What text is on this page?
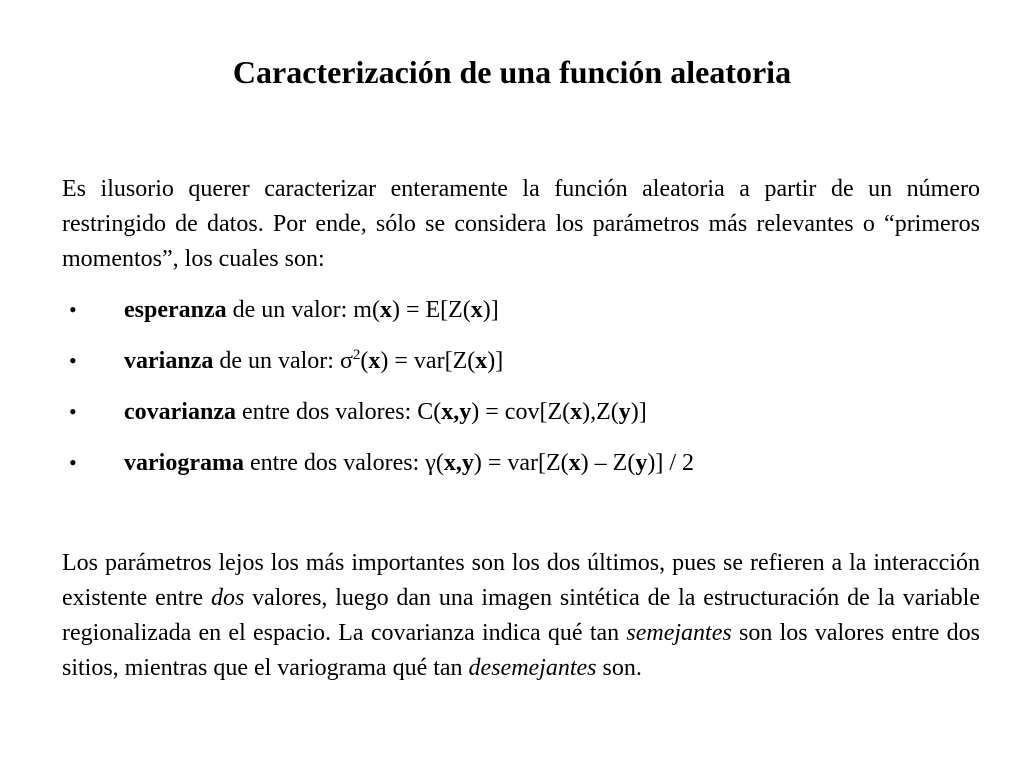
Caracterización de una función aleatoria
Es ilusorio querer caracterizar enteramente la función aleatoria a partir de un número restringido de datos. Por ende, sólo se considera los parámetros más relevantes o “primeros momentos”, los cuales son:
• esperanza de un valor: m(x) = E[Z(x)]
• varianza de un valor: $\sigma^2(x) = var[Z(x)]$
• covarianza entre dos valores: C(x,y) = cov[Z(x),Z(y)]
• variograma entre dos valores: γ(x,y) = var[Z(x) – Z(y)] / 2
Los parámetros lejos los más importantes son los dos últimos, pues se refieren a la interacción existente entre dos valores, luego dan una imagen sintética de la estructuración de la variable regionalizada en el espacio. La covarianza indica qué tan semejantes son los valores entre dos sitios, mientras que el variograma qué tan desemejantes son.
